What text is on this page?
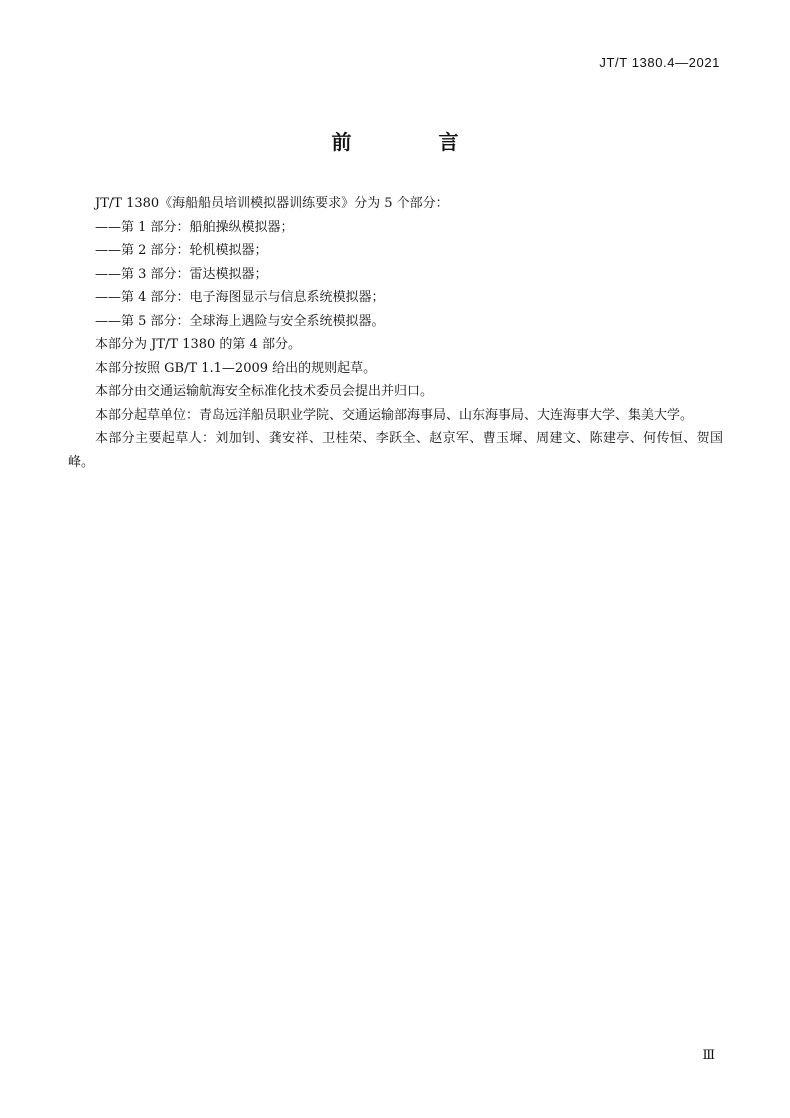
JT/T 1380.4—2021
前 言

JT/T 1380《海船船员培训模拟器训练要求》分为 5 个部分：

——第 1 部分：船舶操纵模拟器；

——第 2 部分：轮机模拟器；

——第 3 部分：雷达模拟器；

——第 4 部分：电子海图显示与信息系统模拟器；

——第 5 部分：全球海上遇险与安全系统模拟器。

本部分为 JT/T 1380 的第 4 部分。

本部分按照 GB/T 1.1—2009 给出的规则起草。

本部分由交通运输航海安全标准化技术委员会提出并归口。

本部分起草单位：青岛远洋船员职业学院、交通运输部海事局、山东海事局、大连海事大学、集美大学。

本部分主要起草人：刘加钊、龚安祥、卫桂荣、李跃全、赵京军、曹玉墀、周建文、陈建亭、何传恒、贺国峰。

Ⅲ
